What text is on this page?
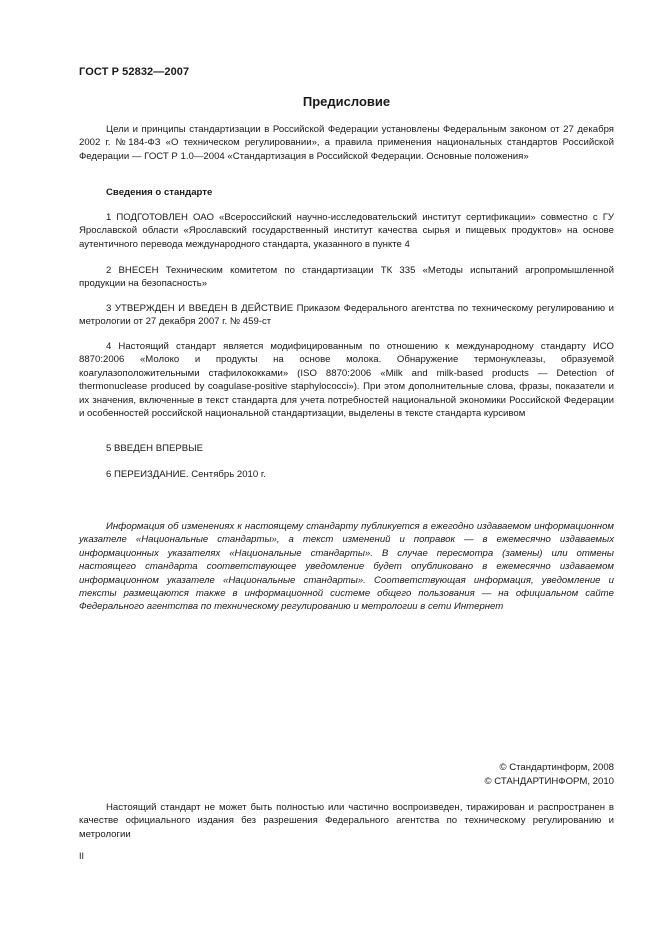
ГОСТ Р 52832—2007
Предисловие

Цели и принципы стандартизации в Российской Федерации установлены Федеральным законом от 27 декабря 2002 г. №184-ФЗ «О техническом регулировании», а правила применения национальных стандартов Российской Федерации — ГОСТ Р 1.0—2004 «Стандартизация в Российской Федерации. Основные положения»

Сведения о стандарте

1 ПОДГОТОВЛЕН ОАО «Всероссийский научно-исследовательский институт сертификации» совместно с ГУ Ярославской области «Ярославский государственный институт качества сырья и пищевых продуктов» на основе аутентичного перевода международного стандарта, указанного в пункте 4

2 ВНЕСЕН Техническим комитетом по стандартизации ТК 335 «Методы испытаний агропромышленной продукции на безопасность»

3 УТВЕРЖДЕН И ВВЕДЕН В ДЕЙСТВИЕ Приказом Федерального агентства по техническому регулированию и метрологии от 27 декабря 2007 г. № 459-ст

4 Настоящий стандарт является модифицированным по отношению к международному стандарту ИСО 8870:2006 «Молоко и продукты на основе молока. Обнаружение термонуклеазы, образуемой коагулазоположительными стафилококками» (ISO 8870:2006 «Milk and milk-based products — Detection of thermonuclease produced by coagulase-positive staphylococci»). При этом дополнительные слова, фразы, показатели и их значения, включенные в текст стандарта для учета потребностей национальной экономики Российской Федерации и особенностей российской национальной стандартизации, выделены в тексте стандарта курсивом

5 ВВЕДЕН ВПЕРВЫЕ

6 ПЕРЕИЗДАНИЕ. Сентябрь 2010 г.

Информация об изменениях к настоящему стандарту публикуется в ежегодно издаваемом информационном указателе «Национальные стандарты», а текст изменений и поправок — в ежемесячно издаваемых информационных указателях «Национальные стандарты». В случае пересмотра (замены) или отмены настоящего стандарта соответствующее уведомление будет опубликовано в ежемесячно издаваемом информационном указателе «Национальные стандарты». Соответствующая информация, уведомление и тексты размещаются также в информационной системе общего пользования — на официальном сайте Федерального агентства по техническому регулированию и метрологии в сети Интернет

© Стандартинформ, 2008
© СТАНДАРТИНФОРМ, 2010

Настоящий стандарт не может быть полностью или частично воспроизведен, тиражирован и распространен в качестве официального издания без разрешения Федерального агентства по техническому регулированию и метрологии

II
